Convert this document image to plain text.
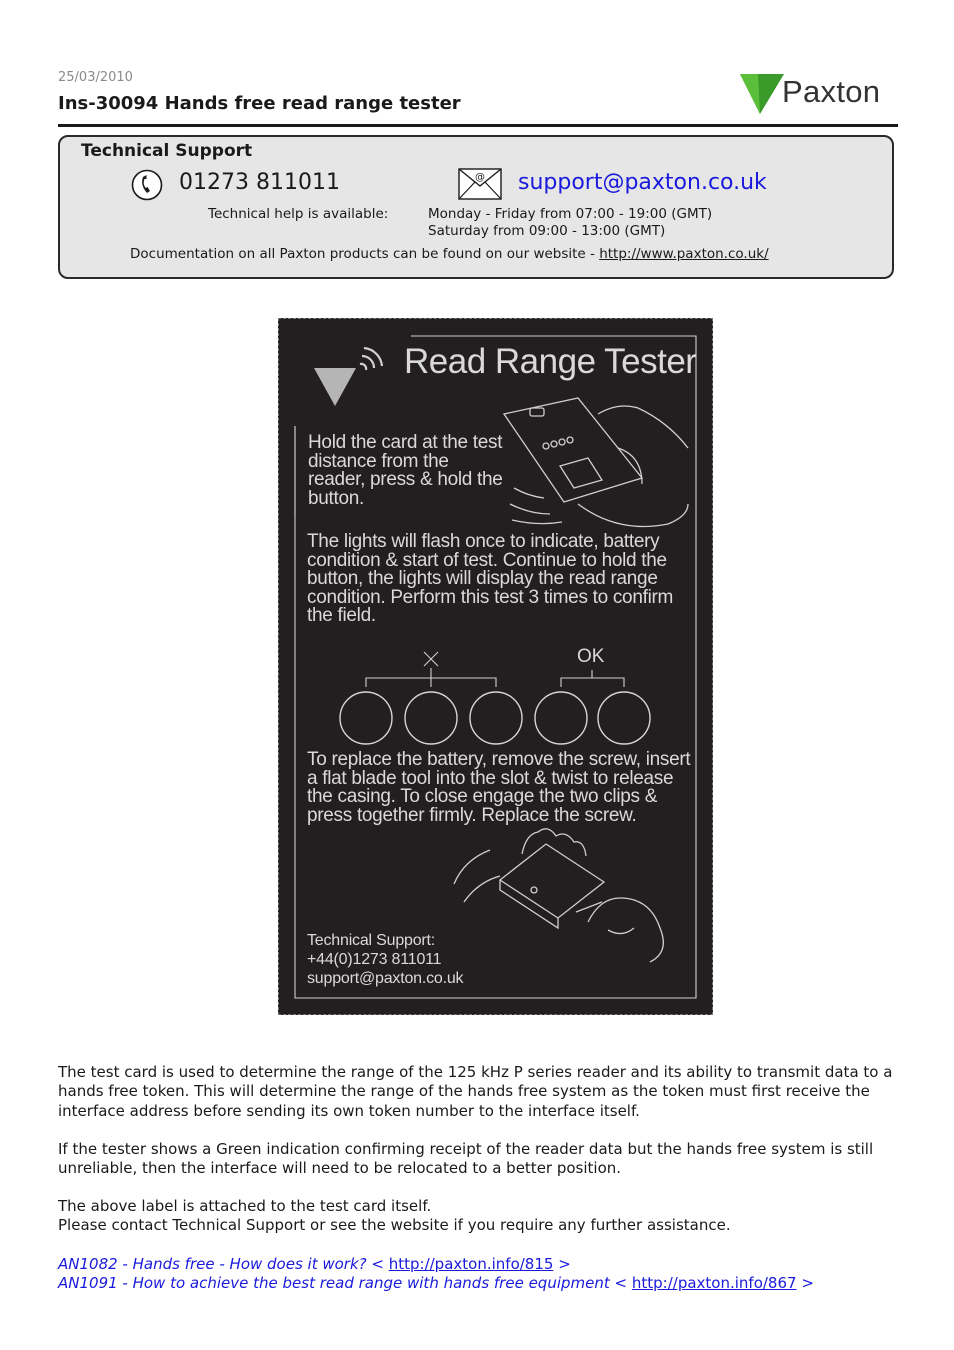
25/03/2010
Ins-30094 Hands free read range tester	Paxton
Technical Support
01273 811011	@ support@paxton.co.uk
Technical help is available:	Monday - Friday from 07:00 - 19:00 (GMT)
Saturday from 09:00 - 13:00 (GMT)
Documentation on all Paxton products can be found on our website - http://www.paxton.co.uk/
Read Range Tester
Hold the card at the test distance from the reader, press & hold the button.
The lights will flash once to indicate, battery condition & start of test. Continue to hold the button, the lights will display the read range condition. Perform this test 3 times to confirm the field.
OK
To replace the battery, remove the screw, insert a flat blade tool into the slot & twist to release the casing. To close engage the two clips & press together firmly. Replace the screw.
Technical Support:
+44(0)1273 811011
support@paxton.co.uk
The test card is used to determine the range of the 125 kHz P series reader and its ability to transmit data to a hands free token. This will determine the range of the hands free system as the token must first receive the interface address before sending its own token number to the interface itself.
If the tester shows a Green indication confirming receipt of the reader data but the hands free system is still unreliable, then the interface will need to be relocated to a better position.
The above label is attached to the test card itself.
Please contact Technical Support or see the website if you require any further assistance.
AN1082 - Hands free - How does it work? < http://paxton.info/815 >
AN1091 - How to achieve the best read range with hands free equipment < http://paxton.info/867 >
